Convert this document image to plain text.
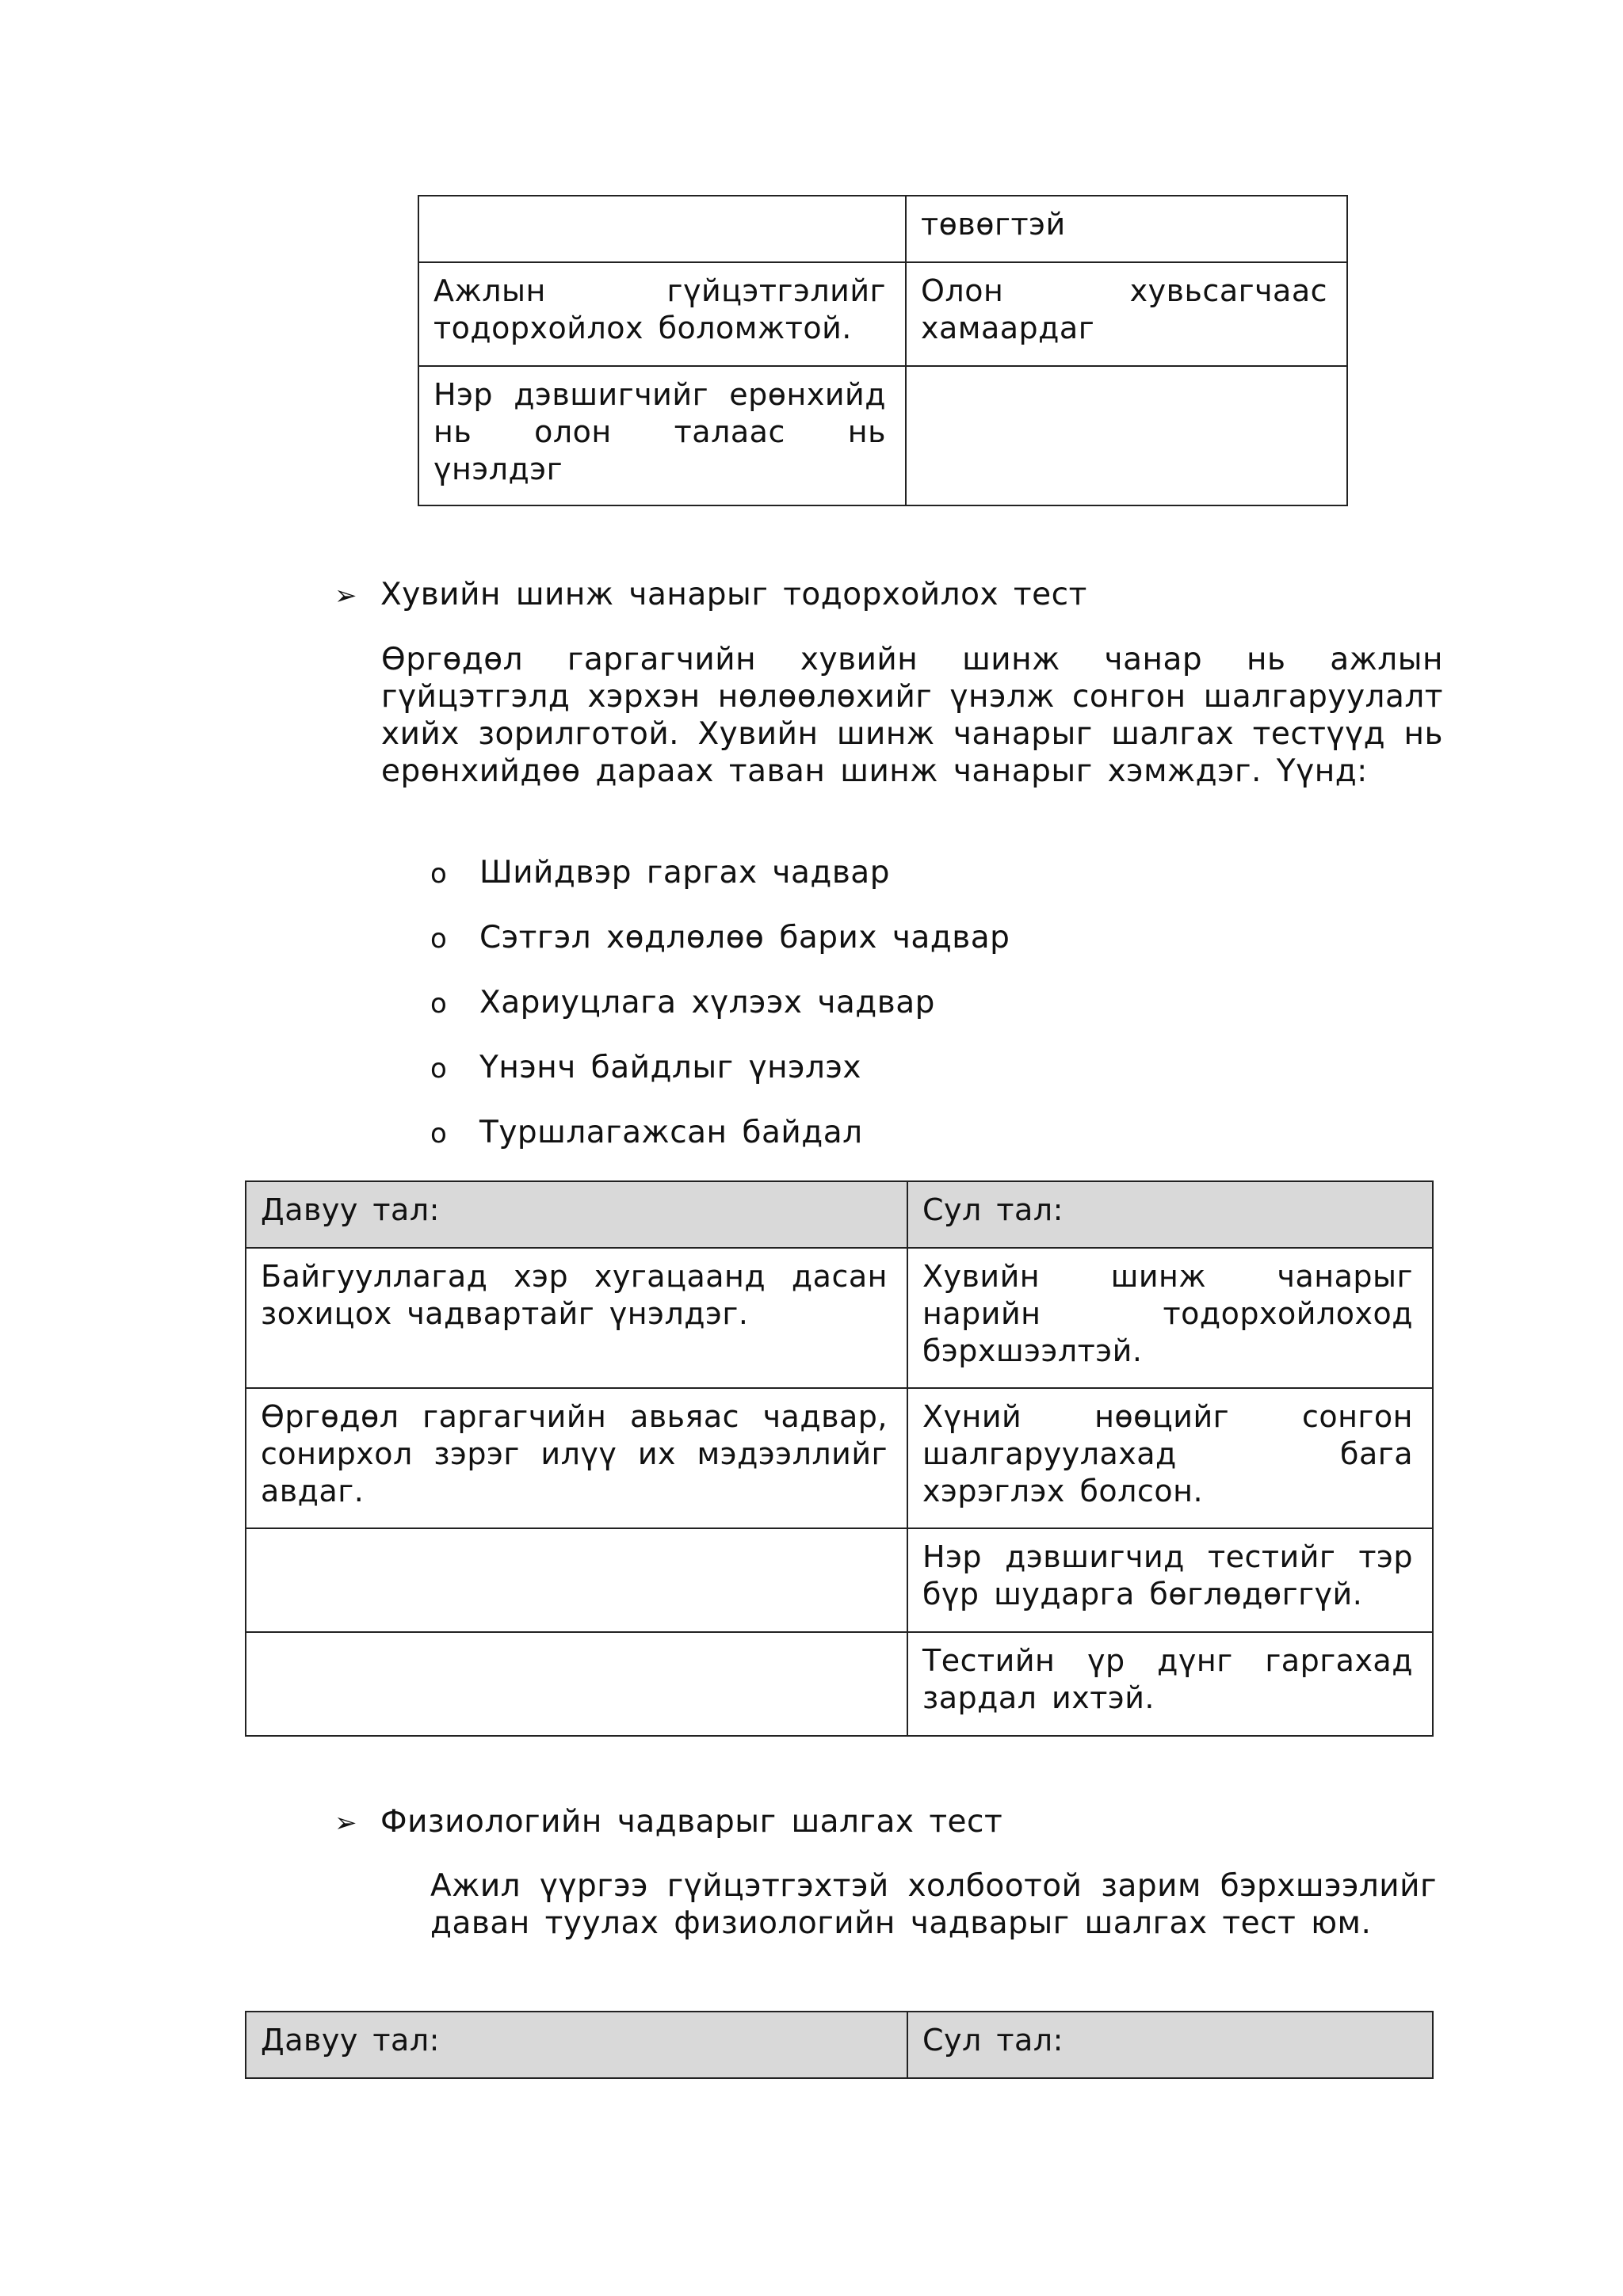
	төвөгтэй
Ажлын гүйцэтгэлийг тодорхойлох боломжтой.	Олон хувьсагчаас хамаардаг
Нэр дэвшигчийг ерөнхийд нь олон талаас нь үнэлдэг	
➢ Хувийн шинж чанарыг тодорхойлох тест
Өргөдөл гаргагчийн хувийн шинж чанар нь ажлын гүйцэтгэлд хэрхэн нөлөөлөхийг үнэлж сонгон шалгаруулалт хийх зорилготой. Хувийн шинж чанарыг шалгах тестүүд нь ерөнхийдөө дараах таван шинж чанарыг хэмждэг. Үүнд:
o Шийдвэр гаргах чадвар
o Сэтгэл хөдлөлөө барих чадвар
o Хариуцлага хүлээх чадвар
o Үнэнч байдлыг үнэлэх
o Туршлагажсан байдал
Давуу тал:	Сул тал:
Байгууллагад хэр хугацаанд дасан зохицох чадвартайг үнэлдэг.	Хувийн шинж чанарыг нарийн тодорхойлоход бэрхшээлтэй.
Өргөдөл гаргагчийн авьяас чадвар, сонирхол зэрэг илүү их мэдээллийг авдаг.	Хүний нөөцийг сонгон шалгаруулахад бага хэрэглэх болсон.
	Нэр дэвшигчид тестийг тэр бүр шударга бөглөдөггүй.
	Тестийн үр дүнг гаргахад зардал ихтэй.
➢ Физиологийн чадварыг шалгах тест
Ажил үүргээ гүйцэтгэхтэй холбоотой зарим бэрхшээлийг даван туулах физиологийн чадварыг шалгах тест юм.
Давуу тал:	Сул тал:
